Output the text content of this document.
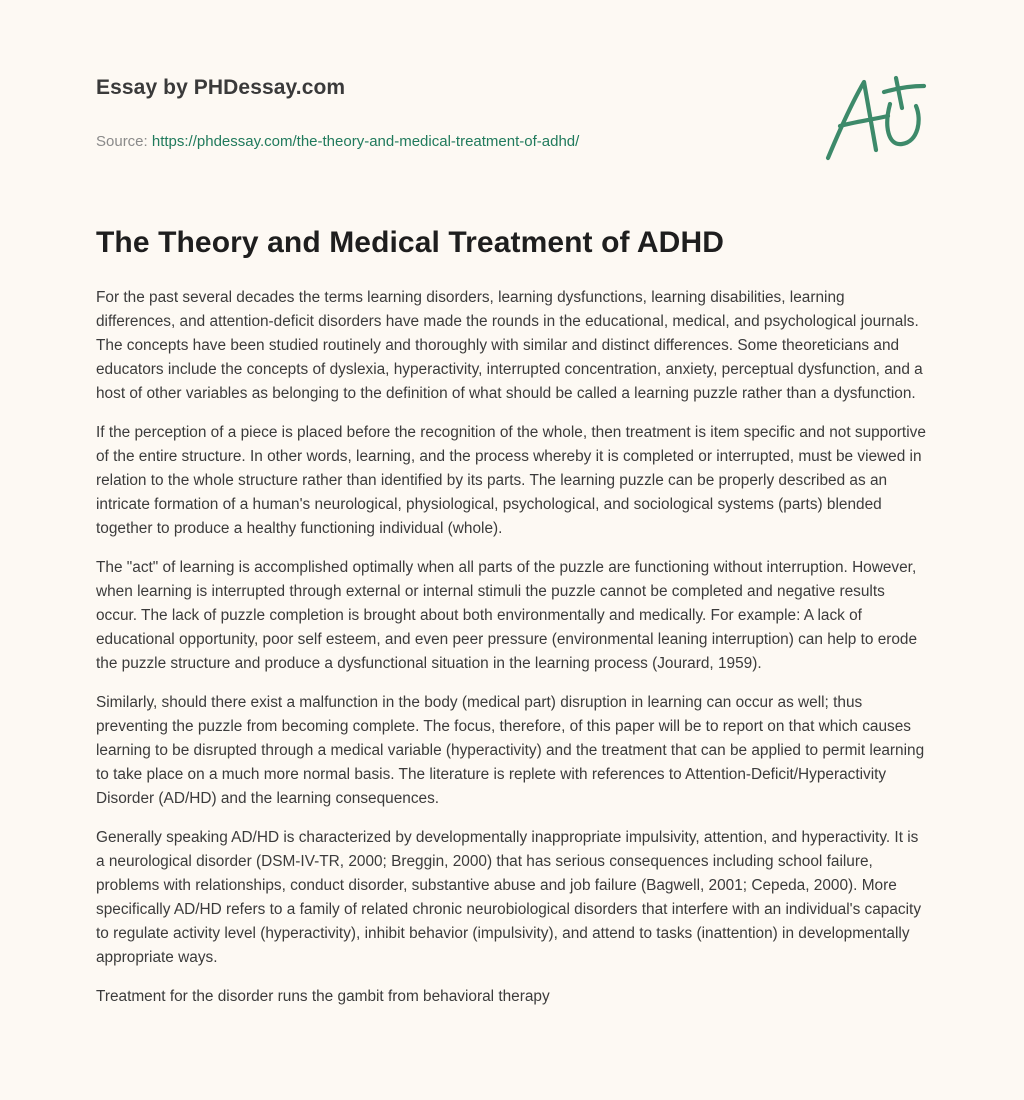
Essay by PHDessay.com
Source: https://phdessay.com/the-theory-and-medical-treatment-of-adhd/
The Theory and Medical Treatment of ADHD

For the past several decades the terms learning disorders, learning dysfunctions, learning disabilities, learning differences, and attention-deficit disorders have made the rounds in the educational, medical, and psychological journals. The concepts have been studied routinely and thoroughly with similar and distinct differences. Some theoreticians and educators include the concepts of dyslexia, hyperactivity, interrupted concentration, anxiety, perceptual dysfunction, and a host of other variables as belonging to the definition of what should be called a learning puzzle rather than a dysfunction.

If the perception of a piece is placed before the recognition of the whole, then treatment is item specific and not supportive of the entire structure. In other words, learning, and the process whereby it is completed or interrupted, must be viewed in relation to the whole structure rather than identified by its parts. The learning puzzle can be properly described as an intricate formation of a human's neurological, physiological, psychological, and sociological systems (parts) blended together to produce a healthy functioning individual (whole).

The "act" of learning is accomplished optimally when all parts of the puzzle are functioning without interruption. However, when learning is interrupted through external or internal stimuli the puzzle cannot be completed and negative results occur. The lack of puzzle completion is brought about both environmentally and medically. For example: A lack of educational opportunity, poor self esteem, and even peer pressure (environmental leaning interruption) can help to erode the puzzle structure and produce a dysfunctional situation in the learning process (Jourard, 1959).

Similarly, should there exist a malfunction in the body (medical part) disruption in learning can occur as well; thus preventing the puzzle from becoming complete. The focus, therefore, of this paper will be to report on that which causes learning to be disrupted through a medical variable (hyperactivity) and the treatment that can be applied to permit learning to take place on a much more normal basis. The literature is replete with references to Attention-Deficit/Hyperactivity Disorder (AD/HD) and the learning consequences.

Generally speaking AD/HD is characterized by developmentally inappropriate impulsivity, attention, and hyperactivity. It is a neurological disorder (DSM-IV-TR, 2000; Breggin, 2000) that has serious consequences including school failure, problems with relationships, conduct disorder, substantive abuse and job failure (Bagwell, 2001; Cepeda, 2000). More specifically AD/HD refers to a family of related chronic neurobiological disorders that interfere with an individual's capacity to regulate activity level (hyperactivity), inhibit behavior (impulsivity), and attend to tasks (inattention) in developmentally appropriate ways.

Treatment for the disorder runs the gambit from behavioral therapy
